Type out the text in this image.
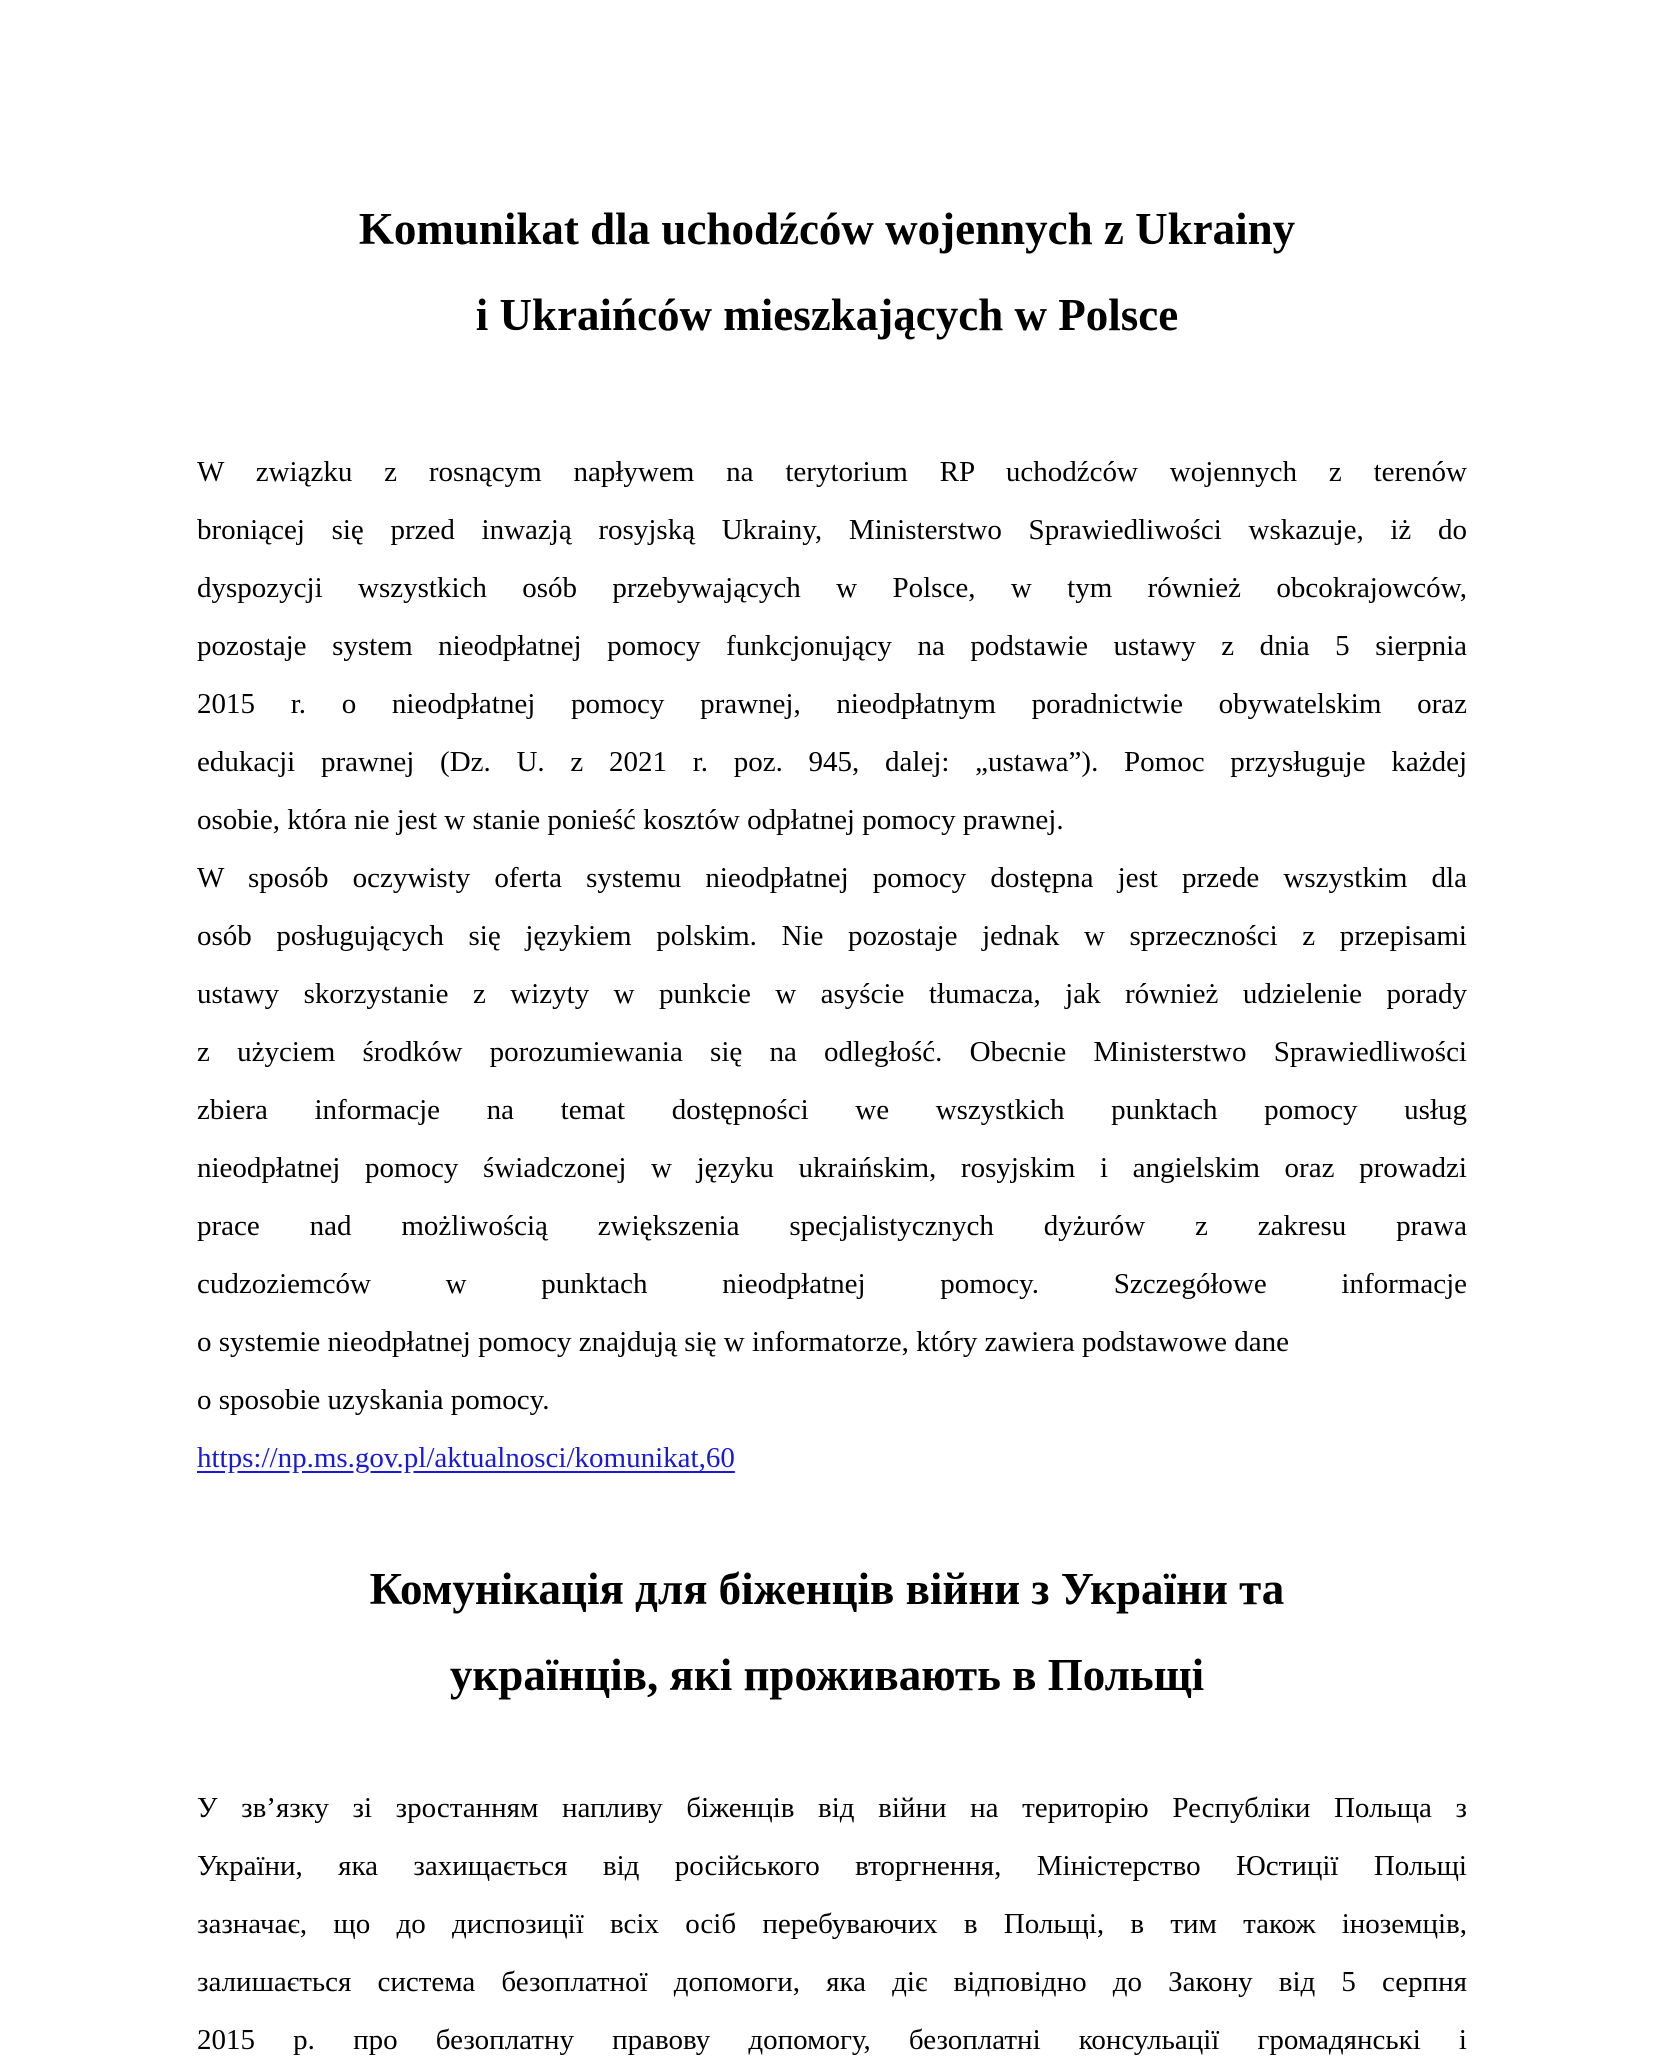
Komunikat dla uchodźców wojennych z Ukrainy
i Ukraińców mieszkających w Polsce
W związku z rosnącym napływem na terytorium RP uchodźców wojennych z terenów
broniącej się przed inwazją rosyjską Ukrainy, Ministerstwo Sprawiedliwości wskazuje, iż do
dyspozycji wszystkich osób przebywających w Polsce, w tym również obcokrajowców,
pozostaje system nieodpłatnej pomocy funkcjonujący na podstawie ustawy z dnia 5 sierpnia
2015 r. o nieodpłatnej pomocy prawnej, nieodpłatnym poradnictwie obywatelskim oraz
edukacji prawnej (Dz. U. z 2021 r. poz. 945, dalej: „ustawa”). Pomoc przysługuje każdej
osobie, która nie jest w stanie ponieść kosztów odpłatnej pomocy prawnej.
W sposób oczywisty oferta systemu nieodpłatnej pomocy dostępna jest przede wszystkim dla
osób posługujących się językiem polskim. Nie pozostaje jednak w sprzeczności z przepisami
ustawy skorzystanie z wizyty w punkcie w asyście tłumacza, jak również udzielenie porady
z użyciem środków porozumiewania się na odległość. Obecnie Ministerstwo Sprawiedliwości
zbiera informacje na temat dostępności we wszystkich punktach pomocy usług
nieodpłatnej pomocy świadczonej w języku ukraińskim, rosyjskim i angielskim oraz prowadzi
prace nad możliwością zwiększenia specjalistycznych dyżurów z zakresu prawa
cudzoziemców w punktach nieodpłatnej pomocy. Szczegółowe informacje
o systemie nieodpłatnej pomocy znajdują się w informatorze, który zawiera podstawowe dane
o sposobie uzyskania pomocy.
https://np.ms.gov.pl/aktualnosci/komunikat,60
Комунікація для біженців війни з України та
українців, які проживають в Польщі
У зв’язку зі зростанням напливу біженців від війни на територію Республіки Польща з
України, яка захищається від російського вторгнення, Міністерство Юстиції Польщі
зазначає, що до диспозиції всіх осіб перебуваючих в Польщі, в тим також іноземців,
залишається система безоплатної допомоги, яка діє відповідно до Закону від 5 серпня
2015 р. про безоплатну правову допомогу, безоплатні консульації громадянські і
